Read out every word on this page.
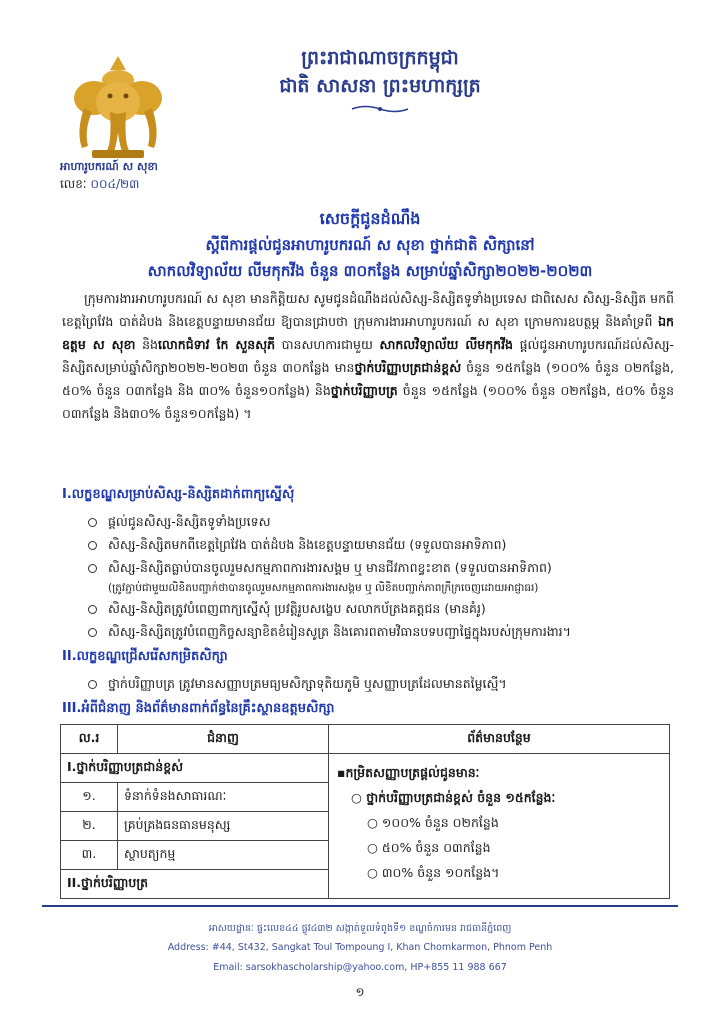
អាហារូបករណ៍ ស សុខា
លេខៈ ០០៤/២៣
ព្រះរាជាណាចក្រកម្ពុជា
ជាតិ សាសនា ព្រះមហាក្សត្រ
សេចក្តីជូនដំណឹង
ស្តីពីការផ្តល់ជូនអាហារូបករណ៍ ស សុខា ថ្នាក់ជាតិ សិក្សានៅ
សាកលវិទ្យាល័យ លីមកុកវីង ចំនួន ៣០កន្លែង សម្រាប់ឆ្នាំសិក្សា២០២២-២០២៣
ក្រុមការងារអាហារូបករណ៍ ស សុខា មានកិត្តិយស សូមជូនដំណឹងដល់សិស្ស-និស្សិតទូទាំងប្រទេស ជាពិសេស សិស្ស-និស្សិត មកពី ខេត្តព្រៃវែង បាត់ដំបង និងខេត្តបន្ទាយមានជ័យ ឱ្យបានជ្រាបថា ក្រុមការងារអាហារូបករណ៍ ស សុខា ក្រោមការឧបត្ថម្ភ និងគាំទ្រពី ឯកឧត្តម ស សុខា និងលោកជំទាវ កែ សួនសុភី បានសហការជាមួយ សាកលវិទ្យាល័យ លីមកុកវីង ផ្តល់ជូនអាហារូបករណ៍ដល់សិស្ស-និស្សិតសម្រាប់ឆ្នាំសិក្សា២០២២-២០២៣ ចំនួន ៣០កន្លែង មានថ្នាក់បរិញ្ញាបត្រជាន់ខ្ពស់ ចំនួន ១៥កន្លែង (១០០% ចំនួន ០២កន្លែង, ៥០% ចំនួន ០៣កន្លែង និង ៣០% ចំនួន១០កន្លែង) និងថ្នាក់បរិញ្ញាបត្រ ចំនួន ១៥កន្លែង (១០០% ចំនួន ០២កន្លែង, ៥០% ចំនួន ០៣កន្លែង និង៣០% ចំនួន១០កន្លែង) ។
I.លក្ខខណ្ឌសម្រាប់សិស្ស-និស្សិតដាក់ពាក្យស្នើសុំ
ផ្តល់ជូនសិស្ស-និស្សិតទូទាំងប្រទេស
សិស្ស-និស្សិតមកពីខេត្តព្រៃវែង បាត់ដំបង និងខេត្តបន្ទាយមានជ័យ (ទទួលបានអាទិភាព)
សិស្ស-និស្សិតធ្លាប់បានចូលរួមសកម្មភាពការងារសង្គម ឬ មានជីវភាពខ្វះខាត (ទទួលបានអាទិភាព)
(ត្រូវភ្ជាប់ជាមួយលិខិតបញ្ជាក់ថាបានចូលរួមសកម្មភាពការងារសង្គម ឬ លិខិតបញ្ជាក់ភាពក្រីក្រចេញដោយអាជ្ញាធរ)
សិស្ស-និស្សិតត្រូវបំពេញពាក្យស្នើសុំ ប្រវត្តិរូបសង្ខេប សលាកប័ត្រងគត្តជន (មានគំរូ)
សិស្ស-និស្សិតត្រូវបំពេញកិច្ចសន្យាខិតខំរៀនសូត្រ និងគោរពតាមវិធានបទបញ្ជាផ្ទៃក្នុងរបស់ក្រុមការងារ។
II.លក្ខខណ្ឌជ្រើសរើសកម្រិតសិក្សា
ថ្នាក់បរិញ្ញាបត្រ ត្រូវមានសញ្ញាបត្រមធ្យមសិក្សាទុតិយភូមិ ឬសញ្ញាបត្រដែលមានតម្លៃស្មើ។
III.អំពីជំនាញ និងព័ត៌មានពាក់ព័ន្ធនៃគ្រឹះស្ថានឧត្តមសិក្សា
ល.រ	ជំនាញ	ព័ត៌មានបន្ថែម
I.ថ្នាក់បរិញ្ញាបត្រជាន់ខ្ពស់		▪កម្រិតសញ្ញាបត្រផ្តល់ជូនមានៈ
○ ថ្នាក់បរិញ្ញាបត្រជាន់ខ្ពស់ ចំនួន ១៥កន្លែងៈ
○ ១០០% ចំនួន ០២កន្លែង
○ ៥០% ចំនួន ០៣កន្លែង
○ ៣០% ចំនួន ១០កន្លែង។

១.	ទំនាក់ទំនងសាធារណៈ	
២.	គ្រប់គ្រងធនធានមនុស្ស	
៣.	ស្ថាបត្យកម្ម	
II.ថ្នាក់បរិញ្ញាបត្រ		
អាសយដ្ឋានៈ ផ្ទះលេខ៤៤ ផ្លូវ៤៣២ សង្កាត់ទួលទំពូងទី១ ខណ្ឌចំការមន រាជធានីភ្នំពេញ
Address: #44, St432, Sangkat Toul Tompoung I, Khan Chomkarmon, Phnom Penh
Email: sarsokhascholarship@yahoo.com, HP+855 11 988 667
១
